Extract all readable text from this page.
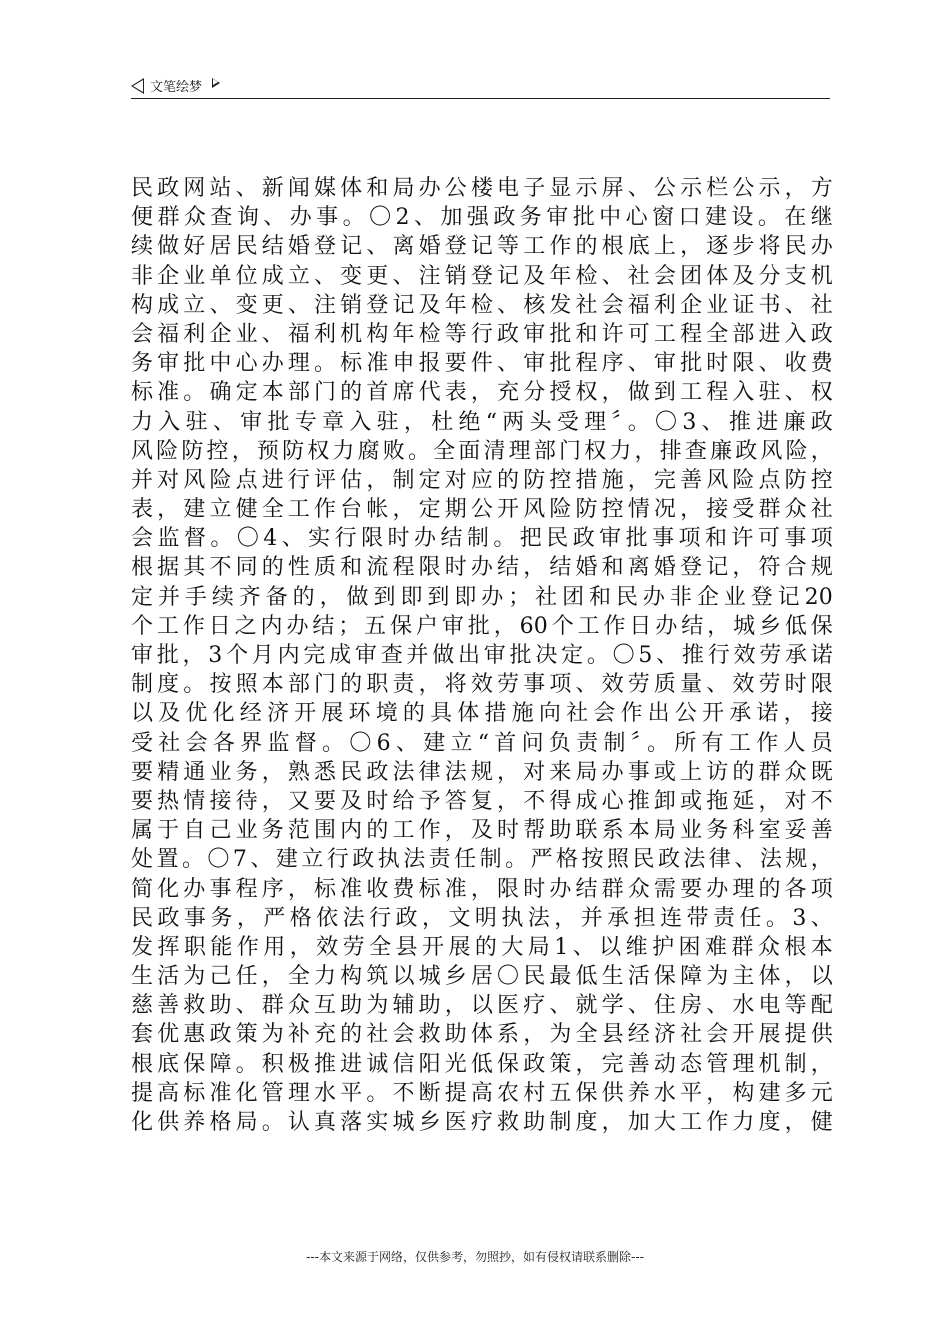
文笔绘梦
民政网站、新闻媒体和局办公楼电子显示屏、公示栏公示，方
便群众查询、办事。〇2、加强政务审批中心窗口建设。在继
续做好居民结婚登记、离婚登记等工作的根底上，逐步将民办
非企业单位成立、变更、注销登记及年检、社会团体及分支机
构成立、变更、注销登记及年检、核发社会福利企业证书、社
会福利企业、福利机构年检等行政审批和许可工程全部进入政
务审批中心办理。标准申报要件、审批程序、审批时限、收费
标准。确定本部门的首席代表，充分授权，做到工程入驻、权
力入驻、审批专章入驻，杜绝“两头受理〞。〇3、推进廉政
风险防控，预防权力腐败。全面清理部门权力，排查廉政风险，
并对风险点进行评估，制定对应的防控措施，完善风险点防控
表，建立健全工作台帐，定期公开风险防控情况，接受群众社
会监督。〇4、实行限时办结制。把民政审批事项和许可事项
根据其不同的性质和流程限时办结，结婚和离婚登记，符合规
定并手续齐备的，做到即到即办；社团和民办非企业登记20
个工作日之内办结；五保户审批，60个工作日办结，城乡低保
审批，3个月内完成审查并做出审批决定。〇5、推行效劳承诺
制度。按照本部门的职责，将效劳事项、效劳质量、效劳时限
以及优化经济开展环境的具体措施向社会作出公开承诺，接
受社会各界监督。〇6、建立“首问负责制〞。所有工作人员
要精通业务，熟悉民政法律法规，对来局办事或上访的群众既
要热情接待，又要及时给予答复，不得成心推卸或拖延，对不
属于自己业务范围内的工作，及时帮助联系本局业务科室妥善
处置。〇7、建立行政执法责任制。严格按照民政法律、法规，
简化办事程序，标准收费标准，限时办结群众需要办理的各项
民政事务，严格依法行政，文明执法，并承担连带责任。3、
发挥职能作用，效劳全县开展的大局1、以维护困难群众根本
生活为己任，全力构筑以城乡居〇民最低生活保障为主体，以
慈善救助、群众互助为辅助，以医疗、就学、住房、水电等配
套优惠政策为补充的社会救助体系，为全县经济社会开展提供
根底保障。积极推进诚信阳光低保政策，完善动态管理机制，
提高标准化管理水平。不断提高农村五保供养水平，构建多元
化供养格局。认真落实城乡医疗救助制度，加大工作力度，健
---本文来源于网络，仅供参考，勿照抄，如有侵权请联系删除---
